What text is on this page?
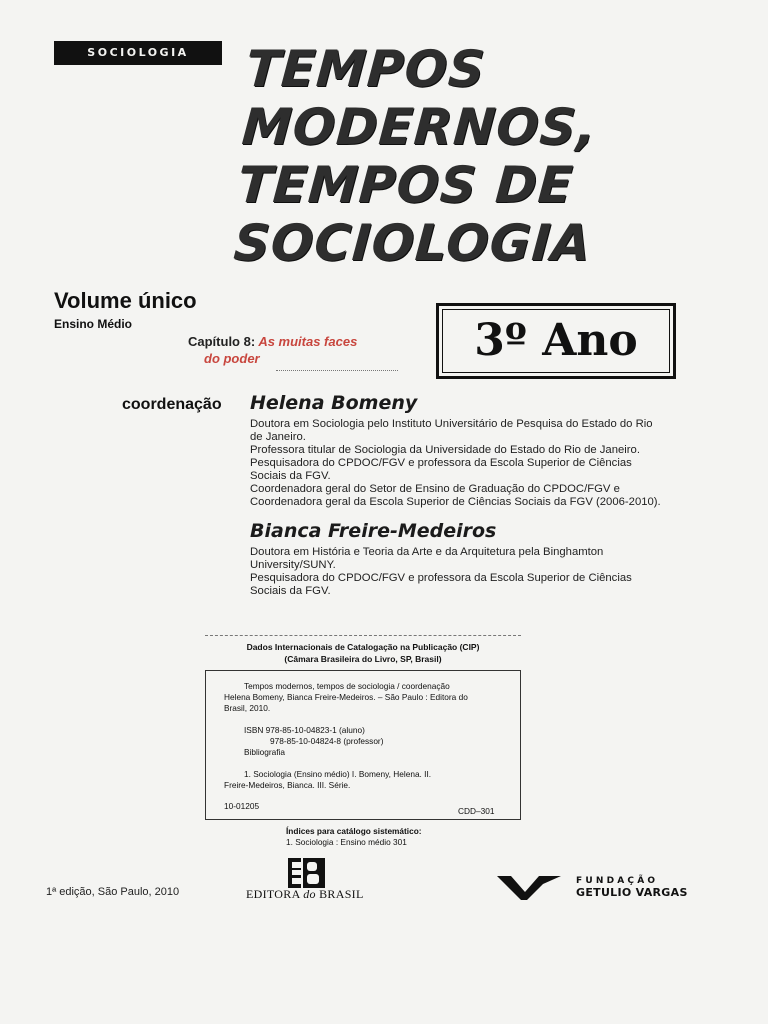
SOCIOLOGIA	TEMPOS
MODERNOS,
TEMPOS DE
SOCIOLOGIA
Volume único
Ensino Médio
Capítulo 8: As muitas faces
do poder	3º Ano
coordenação Helena Bomeny
Doutora em Sociologia pelo Instituto Universitário de Pesquisa do Estado do Rio
de Janeiro.
Professora titular de Sociologia da Universidade do Estado do Rio de Janeiro.
Pesquisadora do CPDOC/FGV e professora da Escola Superior de Ciências
Sociais da FGV.
Coordenadora geral do Setor de Ensino de Graduação do CPDOC/FGV e
Coordenadora geral da Escola Superior de Ciências Sociais da FGV (2006-2010).
Bianca Freire-Medeiros
Doutora em História e Teoria da Arte e da Arquitetura pela Binghamton
University/SUNY.
Pesquisadora do CPDOC/FGV e professora da Escola Superior de Ciências
Sociais da FGV.
Dados Internacionais de Catalogação na Publicação (CIP)
(Câmara Brasileira do Livro, SP, Brasil)
Tempos modernos, tempos de sociologia / coordenação
Helena Bomeny, Bianca Freire-Medeiros. – São Paulo : Editora do
Brasil, 2010.
ISBN 978-85-10-04823-1 (aluno)
978-85-10-04824-8 (professor)
Bibliografia
1. Sociologia (Ensino médio) I. Bomeny, Helena. II.
Freire-Medeiros, Bianca. III. Série.
10-01205	CDD–301
Índices para catálogo sistemático:
1. Sociologia : Ensino médio 301
1ª edição, São Paulo, 2010	EDITORA do BRASIL
FUNDAÇÃO
GETULIO VARGAS
